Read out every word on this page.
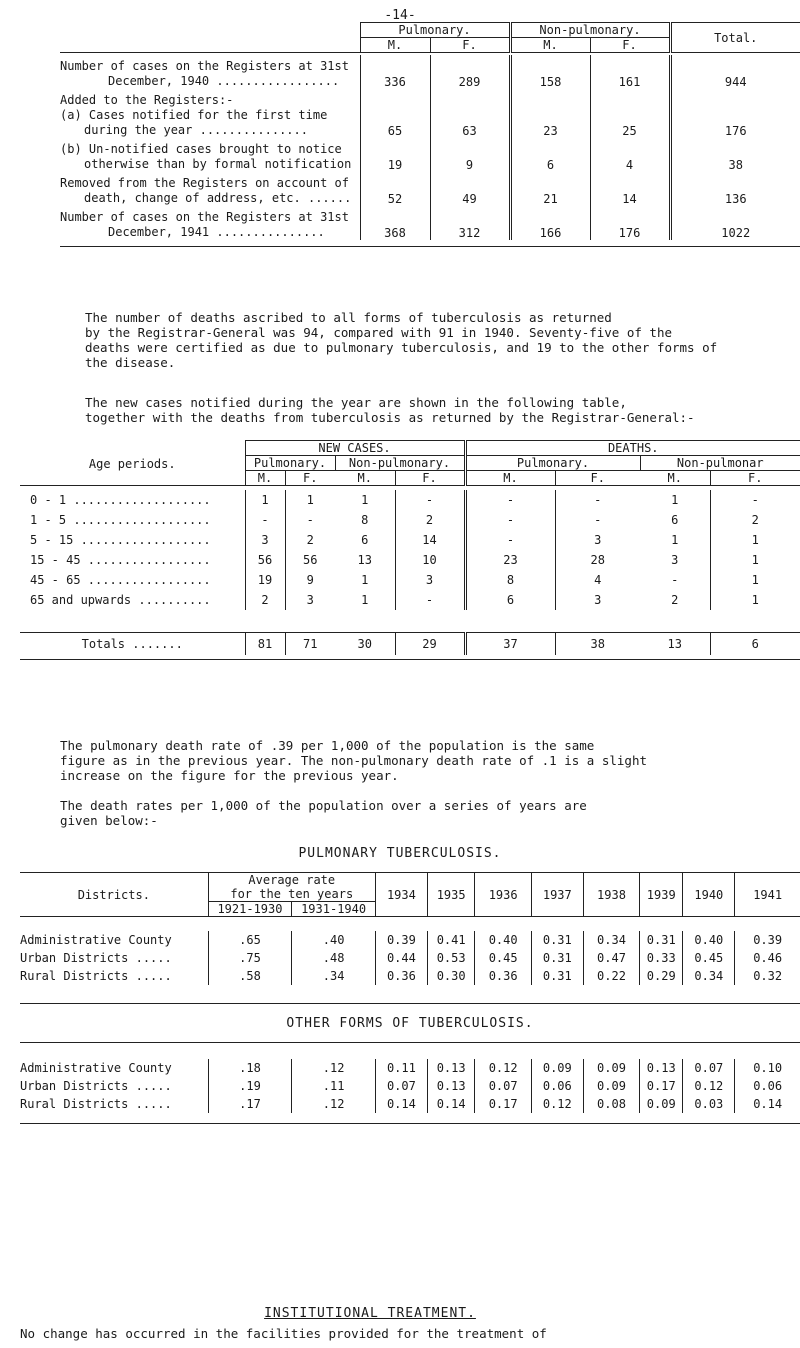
-14-
	Pulmonary.		Non-pulmonary.		Total.
	M.	F.	M.	F.	

Number of cases on the Registers at 31st
December, 1940 .................	336	289	158	161	944

Added to the Registers:-
(a) Cases notified for the first time
during the year ...............	65	63	23	25	176

(b) Un-notified cases brought to notice
otherwise than by formal notification	19	9	6	4	38

Removed from the Registers on account of
death, change of address, etc. ......	52	49	21	14	136

Number of cases on the Registers at 31st
December, 1941 ...............	368	312	166	176	1022

The number of deaths ascribed to all forms of tuberculosis as returned
by the Registrar-General was 94, compared with 91 in 1940. Seventy-five of the
deaths were certified as due to pulmonary tuberculosis, and 19 to the other forms of
the disease.
The new cases notified during the year are shown in the following table,
together with the deaths from tuberculosis as returned by the Registrar-General:-
Age periods.	NEW CASES.				DEATHS.			
	Pulmonary.		Non-pulmonary.		Pulmonary.		Non-pulmonar	
	M.	F.	M.	F.	M.	F.	M.	F.

0 - 1 ...................	1	1	1	-	-	-	1	-
1 - 5 ...................	-	-	8	2	-	-	6	2
5 - 15 ..................	3	2	6	14	-	3	1	1
15 - 45 .................	56	56	13	10	23	28	3	1
45 - 65 .................	19	9	1	3	8	4	-	1
65 and upwards ..........	2	3	1	-	6	3	2	1

Totals .......	81	71	30	29	37	38	13	6

The pulmonary death rate of .39 per 1,000 of the population is the same
figure as in the previous year. The non-pulmonary death rate of .1 is a slight
increase on the figure for the previous year.
The death rates per 1,000 of the population over a series of years are
given below:-
PULMONARY TUBERCULOSIS.
Districts.	Average rate		1934	1935	1936	1937	1938	1939	1940	1941
	for the ten years									
	1921-1930	1931-1940								

Administrative County	.65	.40	0.39	0.41	0.40	0.31	0.34	0.31	0.40	0.39
Urban Districts .....	.75	.48	0.44	0.53	0.45	0.31	0.47	0.33	0.45	0.46
Rural Districts .....	.58	.34	0.36	0.30	0.36	0.31	0.22	0.29	0.34	0.32

OTHER FORMS OF TUBERCULOSIS.										

Administrative County	.18	.12	0.11	0.13	0.12	0.09	0.09	0.13	0.07	0.10
Urban Districts .....	.19	.11	0.07	0.13	0.07	0.06	0.09	0.17	0.12	0.06
Rural Districts .....	.17	.12	0.14	0.14	0.17	0.12	0.08	0.09	0.03	0.14

INSTITUTIONAL TREATMENT.
No change has occurred in the facilities provided for the treatment of
